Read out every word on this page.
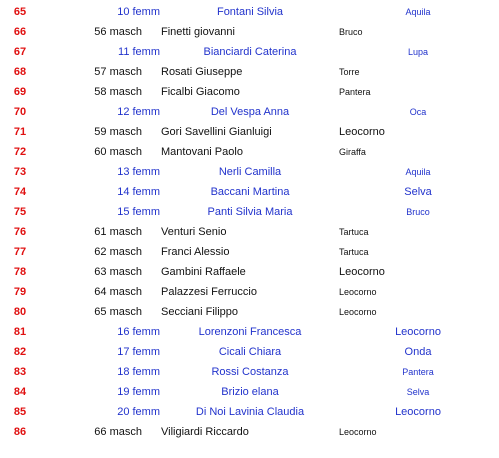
65	10 femm	Fontani Silvia	Aquila
66	56 masch Finetti giovanni	Bruco
67	11 femm	Bianciardi Caterina	Lupa
68	57 masch Rosati Giuseppe	Torre
69	58 masch Ficalbi Giacomo	Pantera
70	12 femm	Del Vespa Anna	Oca
71	59 masch Gori Savellini Gianluigi	Leocorno
72	60 masch Mantovani Paolo	Giraffa
73	13 femm	Nerli Camilla	Aquila
74	14 femm	Baccani Martina	Selva
75	15 femm	Panti Silvia Maria	Bruco
76	61 masch Venturi Senio	Tartuca
77	62 masch Franci Alessio	Tartuca
78	63 masch Gambini Raffaele	Leocorno
79	64 masch Palazzesi Ferruccio	Leocorno
80	65 masch Secciani Filippo	Leocorno
81	16 femm	Lorenzoni Francesca	Leocorno
82	17 femm	Cicali Chiara	Onda
83	18 femm	Rossi Costanza	Pantera
84	19 femm	Brizio elana	Selva
85	20 femm	Di Noi Lavinia Claudia	Leocorno
86	66 masch Viligiardi Riccardo	Leocorno
